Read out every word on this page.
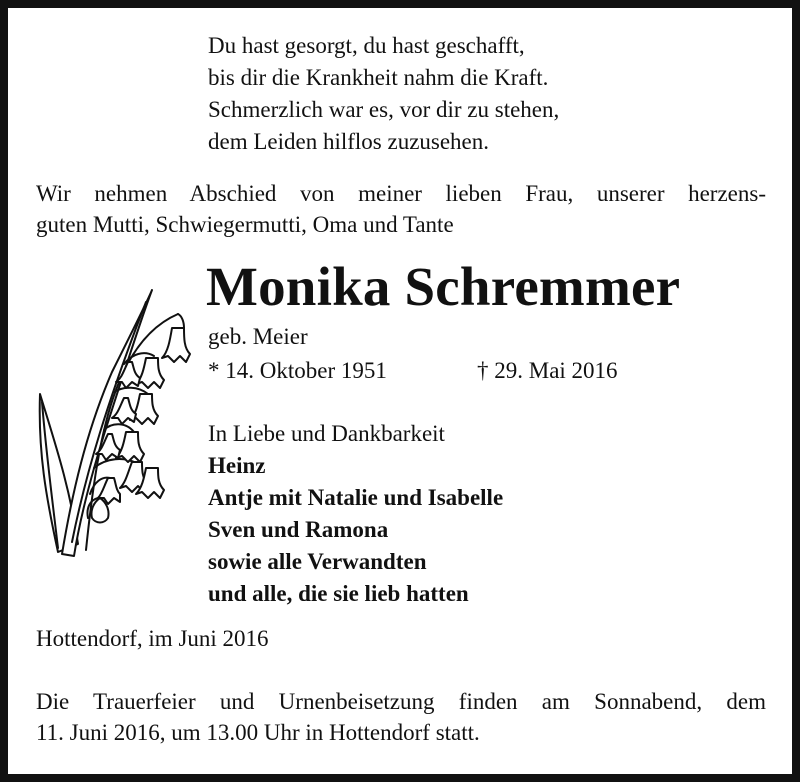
Du hast gesorgt, du hast geschafft,
bis dir die Krankheit nahm die Kraft.
Schmerzlich war es, vor dir zu stehen,
dem Leiden hilflos zuzusehen.
Wir nehmen Abschied von meiner lieben Frau, unserer herzens-
guten Mutti, Schwiegermutti, Oma und Tante
Monika Schremmer
geb. Meier
* 14. Oktober 1951	† 29. Mai 2016
In Liebe und Dankbarkeit
Heinz
Antje mit Natalie und Isabelle
Sven und Ramona
sowie alle Verwandten
und alle, die sie lieb hatten
Hottendorf, im Juni 2016
Die Trauerfeier und Urnenbeisetzung finden am Sonnabend, dem
11. Juni 2016, um 13.00 Uhr in Hottendorf statt.
